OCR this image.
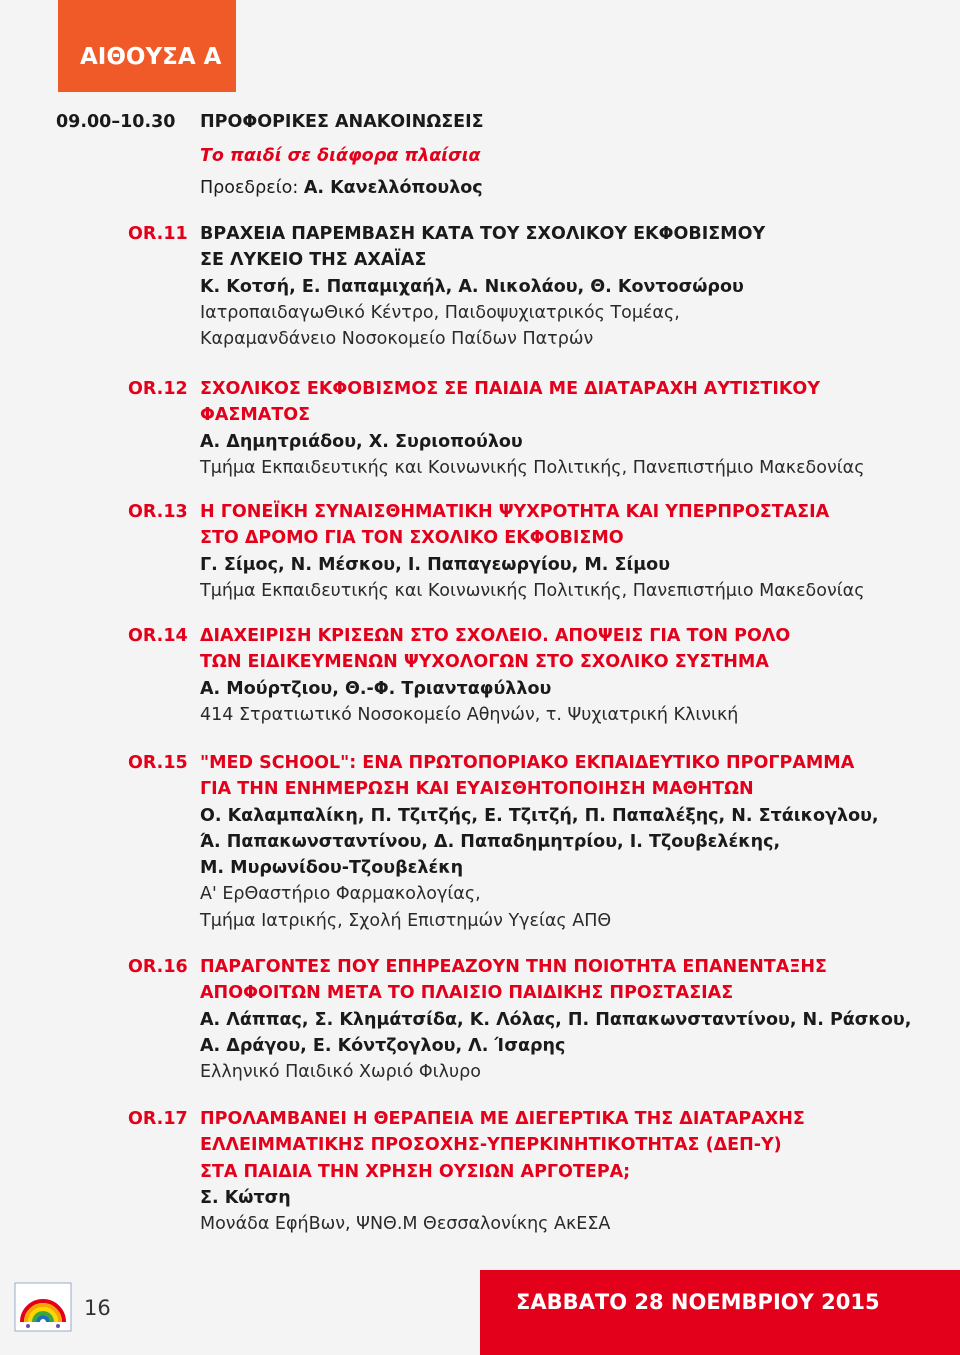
ΑΙΘΟΥΣΑ Α
09.00–10.30	ΠΡΟΦΟΡΙΚΕΣ ΑΝΑΚΟΙΝΩΣΕΙΣ
Το παιδί σε διάφορα πλαίσια
Προεδρείο: Α. Κανελλόπουλος
OR.11 ΒΡΑΧΕΙΑ ΠΑΡΕΜΒΑΣΗ ΚΑΤΑ ΤΟΥ ΣΧΟΛΙΚΟΥ ΕΚΦΟΒΙΣΜΟΥ
ΣΕ ΛΥΚΕΙΟ ΤΗΣ ΑΧΑΪΑΣ
Κ. Κοτσή, Ε. Παπαμιχαήλ, Α. Νικολάου, Θ. Κοντοσώρου
ΙατροπαιδαγωΘικό Κέντρο, Παιδοψυχιατρικός Τομέας,
Καραμανδάνειο Νοσοκομείο Παίδων Πατρών
OR.12 ΣΧΟΛΙΚΟΣ ΕΚΦΟΒΙΣΜΟΣ ΣΕ ΠΑΙΔΙΑ ΜΕ ΔΙΑΤΑΡΑΧΗ ΑΥΤΙΣΤΙΚΟΥ
ΦΑΣΜΑΤΟΣ
Α. Δημητριάδου, Χ. Συριοπούλου
Τμήμα Εκπαιδευτικής και Κοινωνικής Πολιτικής, Πανεπιστήμιο Μακεδονίας
OR.13 Η ΓΟΝΕΪΚΗ ΣΥΝΑΙΣΘΗΜΑΤΙΚΗ ΨΥΧΡΟΤΗΤΑ ΚΑΙ ΥΠΕΡΠΡΟΣΤΑΣΙΑ
ΣΤΟ ΔΡΟΜΟ ΓΙΑ ΤΟΝ ΣΧΟΛΙΚΟ ΕΚΦΟΒΙΣΜΟ
Γ. Σίμος, Ν. Μέσκου, Ι. Παπαγεωργίου, Μ. Σίμου
Τμήμα Εκπαιδευτικής και Κοινωνικής Πολιτικής, Πανεπιστήμιο Μακεδονίας
OR.14 ΔΙΑΧΕΙΡΙΣΗ ΚΡΙΣΕΩΝ ΣΤΟ ΣΧΟΛΕΙΟ. ΑΠΟΨΕΙΣ ΓΙΑ ΤΟΝ ΡΟΛΟ
ΤΩΝ ΕΙΔΙΚΕΥΜΕΝΩΝ ΨΥΧΟΛΟΓΩΝ ΣΤΟ ΣΧΟΛΙΚΟ ΣΥΣΤΗΜΑ
Α. Μούρτζιου, Θ.-Φ. Τριανταφύλλου
414 Στρατιωτικό Νοσοκομείο Αθηνών, τ. Ψυχιατρική Κλινική
OR.15 "MED SCHOOL": ΕΝΑ ΠΡΩΤΟΠΟΡΙΑΚΟ ΕΚΠΑΙΔΕΥΤΙΚΟ ΠΡΟΓΡΑΜΜΑ
ΓΙΑ ΤΗΝ ΕΝΗΜΕΡΩΣΗ ΚΑΙ ΕΥΑΙΣΘΗΤΟΠΟΙΗΣΗ ΜΑΘΗΤΩΝ
Ο. Καλαμπαλίκη, Π. Τζιτζής, Ε. Τζιτζή, Π. Παπαλέξης, Ν. Στάικογλου,
Ά. Παπακωνσταντίνου, Δ. Παπαδημητρίου, Ι. Τζουβελέκης,
Μ. Μυρωνίδου-Τζουβελέκη
Α' ΕρΘαστήριο Φαρμακολογίας,
Τμήμα Ιατρικής, Σχολή Επιστημών Υγείας ΑΠΘ
OR.16 ΠΑΡΑΓΟΝΤΕΣ ΠΟΥ ΕΠΗΡΕΑΖΟΥΝ ΤΗΝ ΠΟΙΟΤΗΤΑ ΕΠΑΝΕΝΤΑΞΗΣ
ΑΠΟΦΟΙΤΩΝ ΜΕΤΑ ΤΟ ΠΛΑΙΣΙΟ ΠΑΙΔΙΚΗΣ ΠΡΟΣΤΑΣΙΑΣ
Α. Λάππας, Σ. Κλημάτσίδα, Κ. Λόλας, Π. Παπακωνσταντίνου, Ν. Ράσκου,
Α. Δράγου, Ε. Κόντζογλου, Λ. Ίσαρης
Ελληνικό Παιδικό Χωριό Φιλυρο
OR.17 ΠΡΟΛΑΜΒΑΝΕΙ Η ΘΕΡΑΠΕΙΑ ΜΕ ΔΙΕΓΕΡΤΙΚΑ ΤΗΣ ΔΙΑΤΑΡΑΧΗΣ
ΕΛΛΕΙΜΜΑΤΙΚΗΣ ΠΡΟΣΟΧΗΣ-ΥΠΕΡΚΙΝΗΤΙΚΟΤΗΤΑΣ (ΔΕΠ-Υ)
ΣΤΑ ΠΑΙΔΙΑ ΤΗΝ ΧΡΗΣΗ ΟΥΣΙΩΝ ΑΡΓΟΤΕΡΑ;
Σ. Κώτση
Μονάδα ΕφήΒων, ΨΝΘ.Μ Θεσσαλονίκης ΑκΕΣΑ
16	ΣΑΒΒΑΤΟ 28 ΝΟΕΜΒΡΙΟΥ 2015
